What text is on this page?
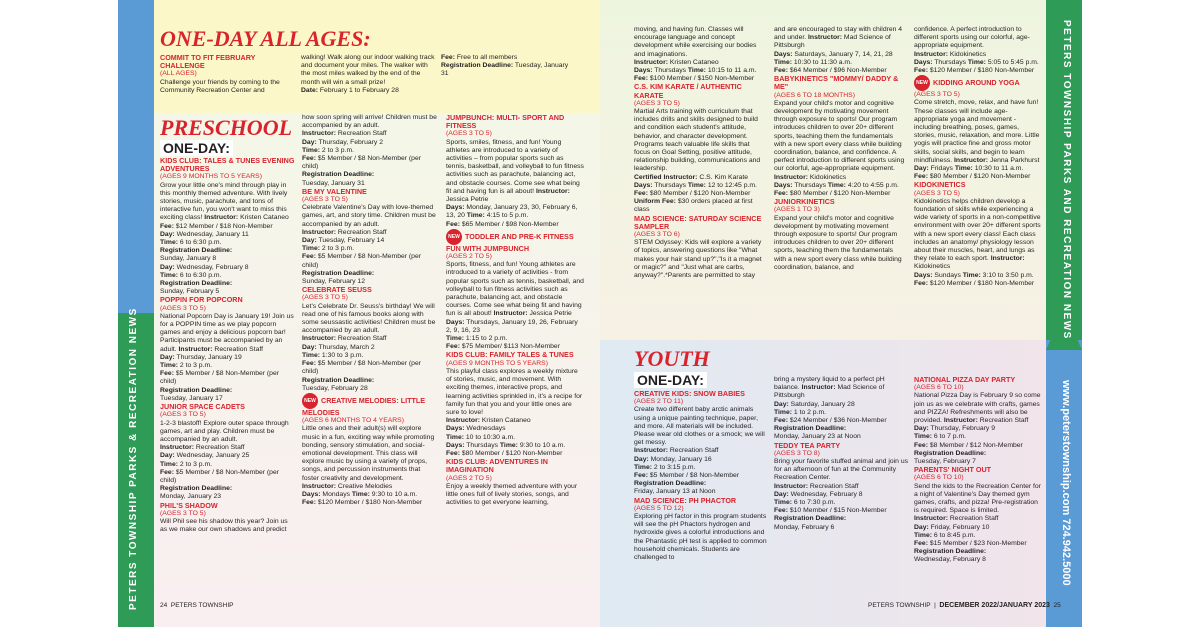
PETERS TOWNSHIP PARKS & RECREATION NEWS
PETERS TOWNSHIP PARKS AND RECREATION NEWS
www.peterstownship.com 724.942.5000
ONE-DAY ALL AGES:
PRESCHOOL
ONE-DAY:
YOUTH
ONE-DAY:

COMMIT TO FIT FEBRUARY CHALLENGE

(ALL AGES)

Challenge your friends by coming to the Community Recreation Center and

walking! Walk along our indoor walking track and document your miles. The walker with the most miles walked by the end of the month will win a small prize!

Date: February 1 to February 28

Fee: Free to all members

Registration Deadline: Tuesday, January 31

KIDS CLUB: TALES & TUNES EVENING ADVENTURES

(AGES 9 MONTHS TO 5 YEARS)

Grow your little one's mind through play in this monthly themed adventure. With lively stories, music, parachute, and tons of interactive fun, you won't want to miss this exciting class! Instructor: Kristen Cataneo

Fee: $12 Member / $18 Non-Member

Day: Wednesday, January 11

Time: 6 to 6:30 p.m.

Registration Deadline:

Sunday, January 8

Day: Wednesday, February 8

Time: 6 to 6:30 p.m.

Registration Deadline:

Sunday, February 5

POPPIN FOR POPCORN

(AGES 3 TO 5)

National Popcorn Day is January 19! Join us for a POPPIN time as we play popcorn games and enjoy a delicious popcorn bar! Participants must be accompanied by an adult. Instructor: Recreation Staff

Day: Thursday, January 19

Time: 2 to 3 p.m.

Fee: $5 Member / $8 Non-Member (per child)

Registration Deadline:

Tuesday, January 17

JUNIOR SPACE CADETS

(AGES 3 TO 5)

1-2-3 blastoff! Explore outer space through games, art and play. Children must be accompanied by an adult.

Instructor: Recreation Staff

Day: Wednesday, January 25

Time: 2 to 3 p.m.

Fee: $5 Member / $8 Non-Member (per child)

Registration Deadline:

Monday, January 23

PHIL'S SHADOW

(AGES 3 TO 5)

Will Phil see his shadow this year? Join us as we make our own shadows and predict

how soon spring will arrive! Children must be accompanied by an adult.

Instructor: Recreation Staff

Day: Thursday, February 2

Time: 2 to 3 p.m.

Fee: $5 Member / $8 Non-Member (per child)

Registration Deadline:

Tuesday, January 31

BE MY VALENTINE

(AGES 3 TO 5)

Celebrate Valentine's Day with love-themed games, art, and story time. Children must be accompanied by an adult.

Instructor: Recreation Staff

Day: Tuesday, February 14

Time: 2 to 3 p.m.

Fee: $5 Member / $8 Non-Member (per child)

Registration Deadline:

Sunday, February 12

CELEBRATE SEUSS

(AGES 3 TO 5)

Let's Celebrate Dr. Seuss's birthday! We will read one of his famous books along with some seussastic activities! Children must be accompanied by an adult.

Instructor: Recreation Staff

Day: Thursday, March 2

Time: 1:30 to 3 p.m.

Fee: $5 Member / $8 Non-Member (per child)

Registration Deadline:

Tuesday, February 28

NEW CREATIVE MELODIES: LITTLE MELODIES

(AGES 6 MONTHS TO 4 YEARS)

Little ones and their adult(s) will explore music in a fun, exciting way while promoting bonding, sensory stimulation, and social-emotional development. This class will explore music by using a variety of props, songs, and percussion instruments that foster creativity and development.

Instructor: Creative Melodies

Days: Mondays Time: 9:30 to 10 a.m.

Fee: $120 Member / $180 Non-Member

JUMPBUNCH: MULTI- SPORT AND FITNESS

(AGES 3 TO 5)

Sports, smiles, fitness, and fun! Young athletes are introduced to a variety of activities – from popular sports such as tennis, basketball, and volleyball to fun fitness activities such as parachute, balancing act, and obstacle courses. Come see what being fit and having fun is all about! Instructor: Jessica Petrie

Days: Monday, January 23, 30, February 6, 13, 20 Time: 4:15 to 5 p.m.

Fee: $65 Member / $98 Non-Member

NEW TODDLER AND PRE-K FITNESS FUN WITH JUMPBUNCH

(AGES 2 TO 5)

Sports, fitness, and fun! Young athletes are introduced to a variety of activities - from popular sports such as tennis, basketball, and volleyball to fun fitness activities such as parachute, balancing act, and obstacle courses. Come see what being fit and having fun is all about! Instructor: Jessica Petrie

Days: Thursdays, January 19, 26, February 2, 9, 16, 23

Time: 1:15 to 2 p.m.

Fee: $75 Member/ $113 Non-Member

KIDS CLUB: FAMILY TALES & TUNES

(AGES 9 MONTHS TO 5 YEARS)

This playful class explores a weekly mixture of stories, music, and movement. With exciting themes, interactive props, and learning activities sprinkled in, it's a recipe for family fun that you and your little ones are sure to love!

Instructor: Kristen Cataneo

Days: Wednesdays

Time: 10 to 10:30 a.m.

Days: Thursdays Time: 9:30 to 10 a.m.

Fee: $80 Member / $120 Non-Member

KIDS CLUB: ADVENTURES IN IMAGINATION

(AGES 2 TO 5)

Enjoy a weekly themed adventure with your little ones full of lively stories, songs, and activities to get everyone learning,

moving, and having fun. Classes will encourage language and concept development while exercising our bodies and imaginations.

Instructor: Kristen Cataneo

Days: Thursdays Time: 10:15 to 11 a.m.

Fee: $100 Member / $150 Non-Member

C.S. KIM KARATE / AUTHENTIC KARATE

(AGES 3 TO 5)

Martial Arts training with curriculum that includes drills and skills designed to build and condition each student's attitude, behavior, and character development. Programs teach valuable life skills that focus on Goal Setting, positive attitude, relationship building, communications and leadership.

Certified Instructor: C.S. Kim Karate

Days: Thursdays Time: 12 to 12:45 p.m.

Fee: $80 Member / $120 Non-Member

Uniform Fee: $30 orders placed at first class

MAD SCIENCE: SATURDAY SCIENCE SAMPLER

(AGES 3 TO 6)

STEM Odyssey: Kids will explore a variety of topics, answering questions like "What makes your hair stand up?","Is it a magnet or magic?" and "Just what are carbs, anyway?".*Parents are permitted to stay

and are encouraged to stay with children 4 and under. Instructor: Mad Science of Pittsburgh

Days: Saturdays, January 7, 14, 21, 28

Time: 10:30 to 11:30 a.m.

Fee: $64 Member / $96 Non-Member

BABYKINETICS "MOMMY/ DADDY & ME"

(AGES 6 TO 18 MONTHS)

Expand your child's motor and cognitive development by motivating movement through exposure to sports! Our program introduces children to over 20+ different sports, teaching them the fundamentals with a new sport every class while building coordination, balance, and confidence. A perfect introduction to different sports using our colorful, age-appropriate equipment.

Instructor: Kidokinetics

Days: Thursdays Time: 4:20 to 4:55 p.m.

Fee: $80 Member / $120 Non-Member

JUNIORKINETICS

(AGES 1 TO 3)

Expand your child's motor and cognitive development by motivating movement through exposure to sports! Our program introduces children to over 20+ different sports, teaching them the fundamentals with a new sport every class while building coordination, balance, and

confidence. A perfect introduction to different sports using our colorful, age-appropriate equipment.

Instructor: Kidokinetics

Days: Thursdays Time: 5:05 to 5:45 p.m.

Fee: $120 Member / $180 Non-Member

NEW KIDDING AROUND YOGA

(AGES 3 TO 5)

Come stretch, move, relax, and have fun! These classes will include age-appropriate yoga and movement -including breathing, poses, games, stories, music, relaxation, and more. Little yogis will practice fine and gross motor skills, social skills, and begin to learn mindfulness. Instructor: Jenna Parkhurst

Day: Fridays Time: 10:30 to 11 a.m.

Fee: $80 Member / $120 Non-Member

KIDOKINETICS

(AGES 3 TO 5)

Kidokinetics helps children develop a foundation of skills while experiencing a wide variety of sports in a non-competitive environment with over 20+ different sports with a new sport every class! Each class includes an anatomy/ physiology lesson about their muscles, heart, and lungs as they relate to each sport. Instructor: Kidokinetics

Days: Sundays Time: 3:10 to 3:50 p.m.

Fee: $120 Member / $180 Non-Member

CREATIVE KIDS: SNOW BABIES

(AGES 2 TO 11)

Create two different baby arctic animals using a unique painting technique, paper, and more. All materials will be included. Please wear old clothes or a smock; we will get messy.

Instructor: Recreation Staff

Day: Monday, January 16

Time: 2 to 3:15 p.m.

Fee: $5 Member / $8 Non-Member

Registration Deadline:

Friday, January 13 at Noon

MAD SCIENCE: PH PHACTOR

(AGES 5 TO 12)

Exploring pH factor in this program students will see the pH Phactors hydrogen and hydroxide gives a colorful introductions and the Phantastic pH test is applied to common household chemicals. Students are challenged to

bring a mystery liquid to a perfect pH balance. Instructor: Mad Science of Pittsburgh

Day: Saturday, January 28

Time: 1 to 2 p.m.

Fee: $24 Member / $36 Non-Member

Registration Deadline:

Monday, January 23 at Noon

TEDDY TEA PARTY

(AGES 3 TO 8)

Bring your favorite stuffed animal and join us for an afternoon of fun at the Community Recreation Center.

Instructor: Recreation Staff

Day: Wednesday, February 8

Time: 6 to 7:30 p.m.

Fee: $10 Member / $15 Non-Member

Registration Deadline:

Monday, February 6

NATIONAL PIZZA DAY PARTY

(AGES 6 TO 10)

National Pizza Day is February 9 so come join us as we celebrate with crafts, games and PIZZA! Refreshments will also be provided. Instructor: Recreation Staff

Day: Thursday, February 9

Time: 6 to 7 p.m.

Fee: $8 Member / $12 Non-Member

Registration Deadline:

Tuesday, February 7

PARENTS' NIGHT OUT

(AGES 6 TO 10)

Send the kids to the Recreation Center for a night of Valentine's Day themed gym games, crafts, and pizza! Pre-registration is required. Space is limited.

Instructor: Recreation Staff

Day: Friday, February 10

Time: 6 to 8:45 p.m.

Fee: $15 Member / $23 Non-Member

Registration Deadline:

Wednesday, February 8

24 PETERS TOWNSHIP	PETERS TOWNSHIP  |  DECEMBER 2022/JANUARY 2023 25
